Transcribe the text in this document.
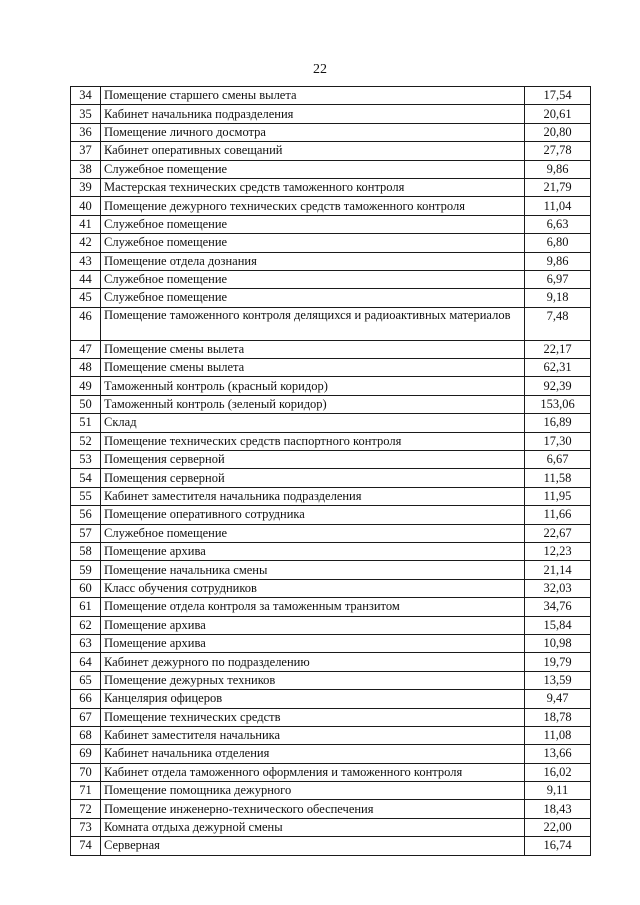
22
34	Помещение старшего смены вылета	17,54
35	Кабинет начальника подразделения	20,61
36	Помещение личного досмотра	20,80
37	Кабинет оперативных совещаний	27,78
38	Служебное помещение	9,86
39	Мастерская технических средств таможенного контроля	21,79
40	Помещение дежурного технических средств таможенного контроля	11,04
41	Служебное помещение	6,63
42	Служебное помещение	6,80
43	Помещение отдела дознания	9,86
44	Служебное помещение	6,97
45	Служебное помещение	9,18
46	Помещение таможенного контроля делящихся и радиоактивных материалов	7,48
47	Помещение смены вылета	22,17
48	Помещение смены вылета	62,31
49	Таможенный контроль (красный коридор)	92,39
50	Таможенный контроль (зеленый коридор)	153,06
51	Склад	16,89
52	Помещение технических средств паспортного контроля	17,30
53	Помещения серверной	6,67
54	Помещения серверной	11,58
55	Кабинет заместителя начальника подразделения	11,95
56	Помещение оперативного сотрудника	11,66
57	Служебное помещение	22,67
58	Помещение архива	12,23
59	Помещение начальника смены	21,14
60	Класс обучения сотрудников	32,03
61	Помещение отдела контроля за таможенным транзитом	34,76
62	Помещение архива	15,84
63	Помещение архива	10,98
64	Кабинет дежурного по подразделению	19,79
65	Помещение дежурных техников	13,59
66	Канцелярия офицеров	9,47
67	Помещение технических средств	18,78
68	Кабинет заместителя начальника	11,08
69	Кабинет начальника отделения	13,66
70	Кабинет отдела таможенного оформления и таможенного контроля	16,02
71	Помещение помощника дежурного	9,11
72	Помещение инженерно-технического обеспечения	18,43
73	Комната отдыха дежурной смены	22,00
74	Серверная	16,74
